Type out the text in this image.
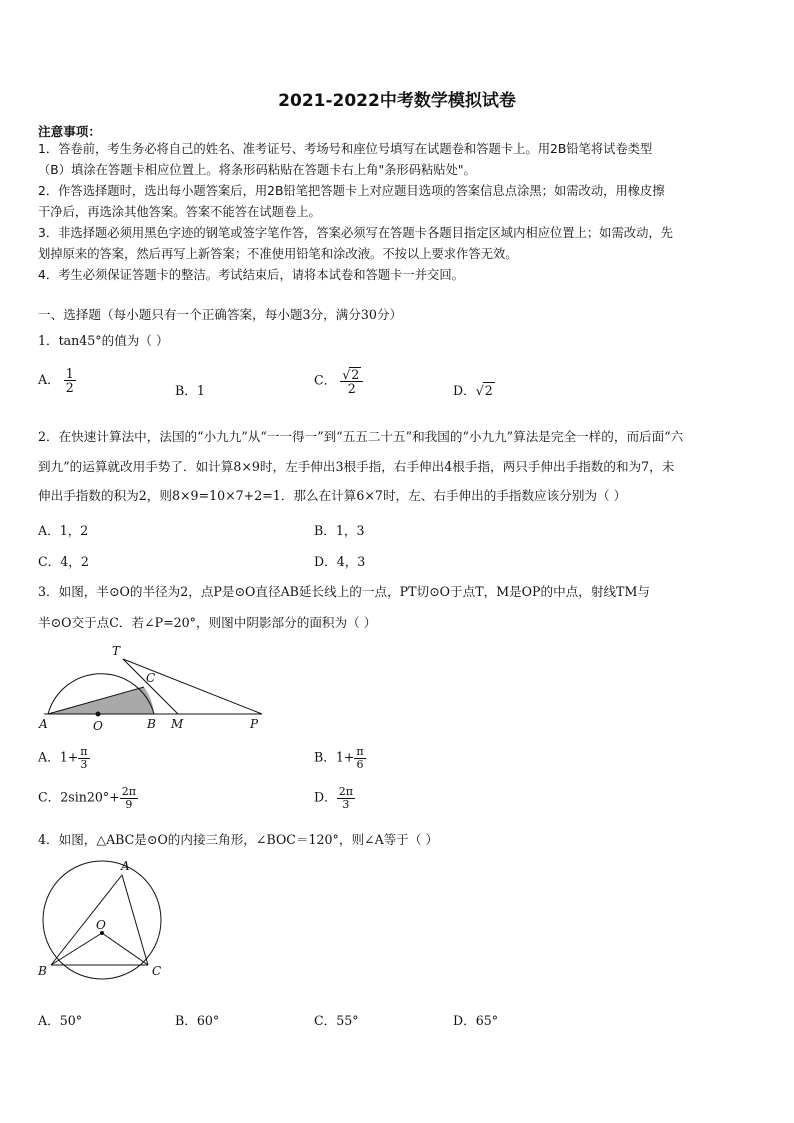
2021-2022中考数学模拟试卷
注意事项：
1．答卷前，考生务必将自己的姓名、准考证号、考场号和座位号填写在试题卷和答题卡上。用2B铅笔将试卷类型
（B）填涂在答题卡相应位置上。将条形码粘贴在答题卡右上角"条形码粘贴处"。
2．作答选择题时，选出每小题答案后，用2B铅笔把答题卡上对应题目选项的答案信息点涂黑；如需改动，用橡皮擦
干净后，再选涂其他答案。答案不能答在试题卷上。
3．非选择题必须用黑色字迹的钢笔或签字笔作答，答案必须写在答题卡各题目指定区域内相应位置上；如需改动，先
划掉原来的答案，然后再写上新答案；不准使用铅笔和涂改液。不按以上要求作答无效。
4．考生必须保证答题卡的整洁。考试结束后，请将本试卷和答题卡一并交回。
一、选择题（每小题只有一个正确答案，每小题3分，满分30分）
1．tan45°的值为（ ）
A． $\frac{1}{2}$	B．1
C． $\frac{√2}{2}$	D．√2
2．在快速计算法中，法国的“小九九”从“一一得一”到“五五二十五”和我国的“小九九”算法是完全一样的，而后面“六
到九”的运算就改用手势了．如计算8×9时，左手伸出3根手指，右手伸出4根手指，两只手伸出手指数的和为7，未
伸出手指数的积为2，则8×9=10×7+2=1．那么在计算6×7时，左、右手伸出的手指数应该分别为（ ）
A．1，2	B．1，3
C．4，2	D．4，3
3．如图，半⊙O的半径为2，点P是⊙O直径AB延长线上的一点，PT切⊙O于点T，M是OP的中点，射线TM与
半⊙O交于点C．若∠P=20°，则图中阴影部分的面积为（ ）
T
C
A	O	B M	P
A．$1+ \frac{\pi}{3}$	B．$1+ \frac{\pi}{6}$
C．$2\sin 20^\circ+ \frac{2\pi}{9}$	D． $\frac{2\pi}{3}$
4．如图，△ABC是⊙O的内接三角形，∠BOC＝120°，则∠A等于（ ）
A
O
B	C
A．50°	B．60°	C．55°	D．65°
